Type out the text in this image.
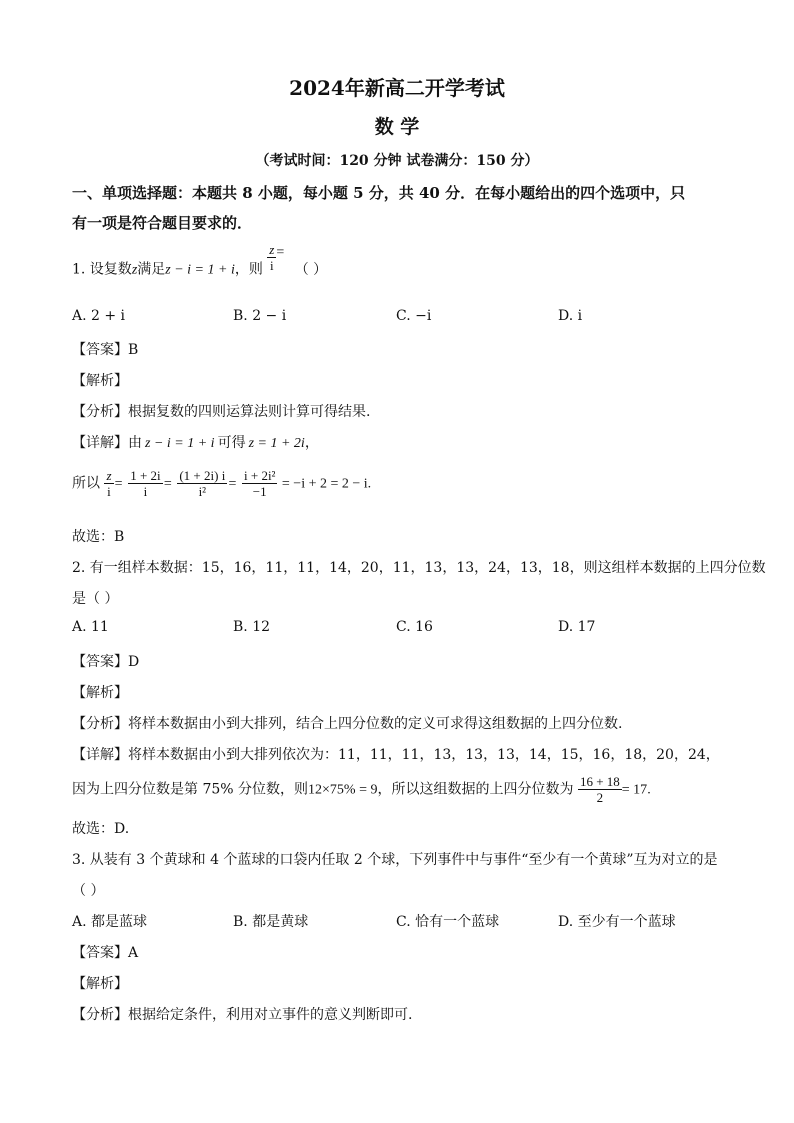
2024年新高二开学考试
数 学
（考试时间：120 分钟 试卷满分：150 分）
一、单项选择题：本题共 8 小题，每小题 5 分，共 40 分．在每小题给出的四个选项中，只
有一项是符合题目要求的．
1. 设复数z满足z − i = 1 + i，则 $\frac{z}{i}$ = （ ）
A. 2 + i	B. 2 − i	C. −i	D. i
【答案】B
【解析】
【分析】根据复数的四则运算法则计算可得结果.
【详解】由 z − i = 1 + i 可得 z = 1 + 2i，
所以 $\frac{z}{i}$  =  $\frac{1 + 2i}{i}$  =  $\frac{(1 + 2i) i}{\text{i²}}$  =  $\frac{\text{i + 2i²}}{-1} = -i + 2 = 2 - i$.
故选：B
2. 有一组样本数据：15，16，11，11，14，20，11，13，13，24，13，18，则这组样本数据的上四分位数
是（ ）
A. 11	B. 12	C. 16	D. 17
【答案】D
【解析】
【分析】将样本数据由小到大排列，结合上四分位数的定义可求得这组数据的上四分位数.
【详解】将样本数据由小到大排列依次为：11，11，11，13，13，13，14，15，16，18，20，24，
因为上四分位数是第 75% 分位数，则12×75% = 9，所以这组数据的上四分位数为 $\frac{16 + 18}{2} = 17$.
故选：D.
3. 从装有 3 个黄球和 4 个蓝球的口袋内任取 2 个球，下列事件中与事件“至少有一个黄球”互为对立的是
（ ）
A. 都是蓝球	B. 都是黄球	C. 恰有一个蓝球	D. 至少有一个蓝球
【答案】A
【解析】
【分析】根据给定条件，利用对立事件的意义判断即可.
